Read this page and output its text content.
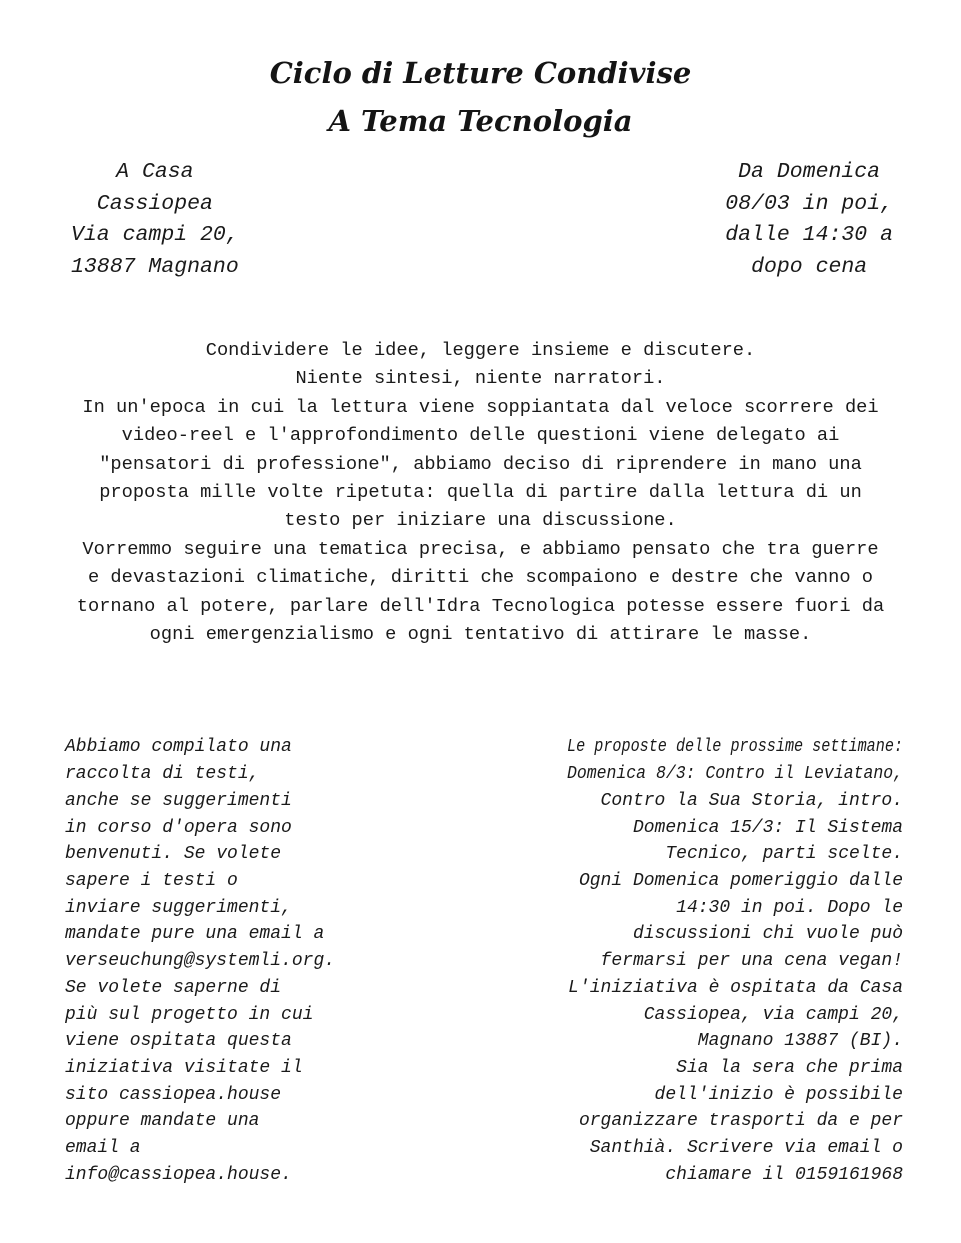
Ciclo di Letture Condivise
A Tema Tecnologia
A Casa
Cassiopea
Via campi 20,
13887 Magnano
Da Domenica
08/03 in poi,
dalle 14:30 a
dopo cena
Condividere le idee, leggere insieme e discutere.
Niente sintesi, niente narratori.
In un'epoca in cui la lettura viene soppiantata dal veloce scorrere dei
video-reel e l'approfondimento delle questioni viene delegato ai
"pensatori di professione", abbiamo deciso di riprendere in mano una
proposta mille volte ripetuta: quella di partire dalla lettura di un
testo per iniziare una discussione.
Vorremmo seguire una tematica precisa, e abbiamo pensato che tra guerre
e devastazioni climatiche, diritti che scompaiono e destre che vanno o
tornano al potere, parlare dell'Idra Tecnologica potesse essere fuori da
ogni emergenzialismo e ogni tentativo di attirare le masse.
Abbiamo compilato una
raccolta di testi,
anche se suggerimenti
in corso d'opera sono
benvenuti. Se volete
sapere i testi o
inviare suggerimenti,
mandate pure una email a
verseuchung@systemli.org.
Se volete saperne di
più sul progetto in cui
viene ospitata questa
iniziativa visitate il
sito cassiopea.house
oppure mandate una
email a
info@cassiopea.house.
Le proposte delle prossime settimane:
Domenica 8/3: Contro il Leviatano,
Contro la Sua Storia, intro.
Domenica 15/3: Il Sistema
Tecnico, parti scelte.
Ogni Domenica pomeriggio dalle
14:30 in poi. Dopo le
discussioni chi vuole può
fermarsi per una cena vegan!
L'iniziativa è ospitata da Casa
Cassiopea, via campi 20,
Magnano 13887 (BI).
Sia la sera che prima
dell'inizio è possibile
organizzare trasporti da e per
Santhià. Scrivere via email o
chiamare il 0159161968
